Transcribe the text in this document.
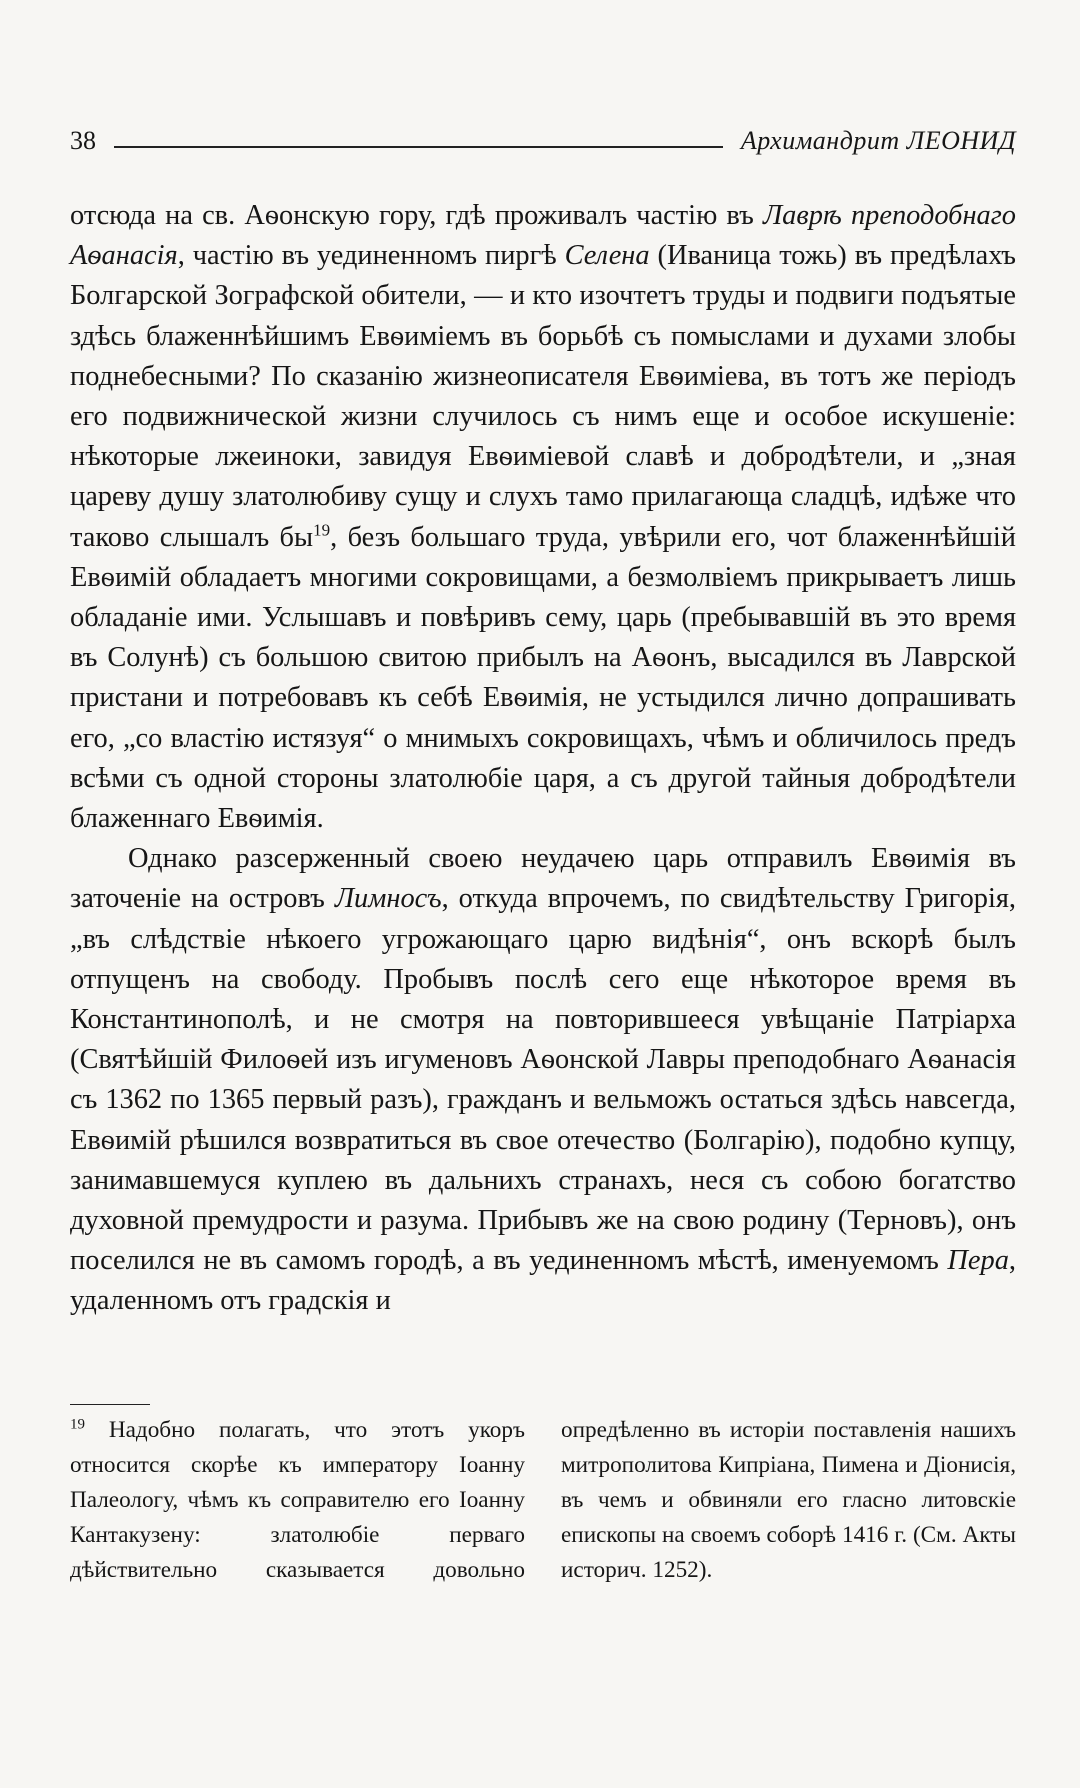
38	Архимандрит ЛЕОНИД

отсюда на св. Аѳонскую гору, гдѣ проживалъ частію въ Лаврѣ преподобнаго Аѳанасія, частію въ уединенномъ пиргѣ Селена (Иваница тожь) въ предѣлахъ Болгарской Зографской обители, — и кто изочтетъ труды и подвиги подъятые здѣсь блаженнѣйшимъ Евѳиміемъ въ борьбѣ съ помыслами и духами злобы поднебесными? По сказанію жизнеописателя Евѳиміева, въ тотъ же періодъ его подвижнической жизни случилось съ нимъ еще и особое искушеніе: нѣкоторые лжеиноки, завидуя Евѳиміевой славѣ и добродѣтели, и „зная цареву душу златолюбиву сущу и слухъ тамо прилагающа сладцѣ, идѣже что таково слышалъ бы$^{19}$, безъ большаго труда, увѣрили его, чот блаженнѣйшій Евѳимій обладаетъ многими сокровищами, а безмолвіемъ прикрываетъ лишь обладаніе ими. Услышавъ и повѣривъ сему, царь (пребывавшій въ это время въ Солунѣ) съ большою свитою прибылъ на Аѳонъ, высадился въ Лаврской пристани и потребовавъ къ себѣ Евѳимія, не устыдился лично допрашивать его, „со властію истязуя“ о мнимыхъ сокровищахъ, чѣмъ и обличилось предъ всѣми съ одной стороны златолюбіе царя, а съ другой тайныя добродѣтели блаженнаго Евѳимія.

Однако разсерженный своею неудачею царь отправилъ Евѳимія въ заточеніе на островъ Лимносъ, откуда впрочемъ, по свидѣтельству Григорія, „въ слѣдствіе нѣкоего угрожающаго царю видѣнія“, онъ вскорѣ былъ отпущенъ на свободу. Пробывъ послѣ сего еще нѣкоторое время въ Константинополѣ, и не смотря на повторившееся увѣщаніе Патріарха (Святѣйшій Филоѳей изъ игуменовъ Аѳонской Лавры преподобнаго Аѳанасія съ 1362 по 1365 первый разъ), гражданъ и вельможъ остаться здѣсь навсегда, Евѳимій рѣшился возвратиться въ свое отечество (Болгарію), подобно купцу, занимавшемуся куплею въ дальнихъ странахъ, неся съ собою богатство духовной премудрости и разума. Прибывъ же на свою родину (Терновъ), онъ поселился не въ самомъ городѣ, а въ уединенномъ мѣстѣ, именуемомъ Пера, удаленномъ отъ градскія и

$^{19}$ Надобно полагать, что этотъ укоръ относится скорѣе къ императору Іоанну Палеологу, чѣмъ къ соправителю его Іоанну Кантакузену: златолюбіе перваго дѣйствительно сказывается довольно опредѣленно въ исторіи поставленія нашихъ митрополитова Кипріана, Пимена и Діонисія, въ чемъ и обвиняли его гласно литовскіе епископы на своемъ соборѣ 1416 г. (См. Акты историч. 1252).
